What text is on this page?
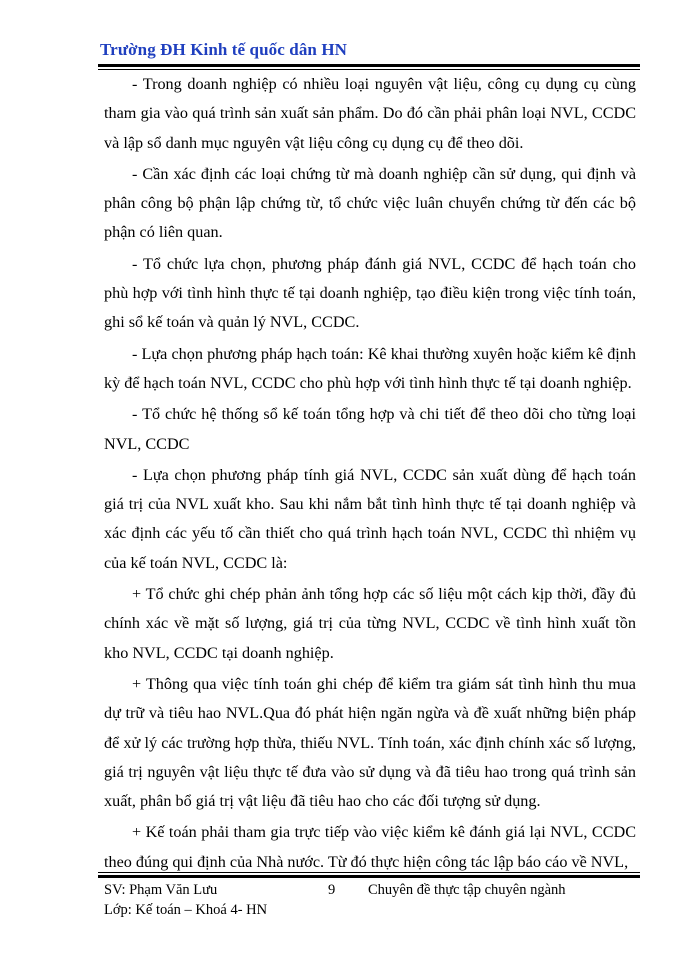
Trường ĐH Kinh tế quốc dân HN

- Trong doanh nghiệp có nhiều loại nguyên vật liệu, công cụ dụng cụ cùng tham gia vào quá trình sản xuất sản phẩm. Do đó cần phải phân loại NVL, CCDC và lập sổ danh mục nguyên vật liệu công cụ dụng cụ để theo dõi.

- Cần xác định các loại chứng từ mà doanh nghiệp cần sử dụng, qui định và phân công bộ phận lập chứng từ, tổ chức việc luân chuyển chứng từ đến các bộ phận có liên quan.

- Tổ chức lựa chọn, phương pháp đánh giá NVL, CCDC để hạch toán cho phù hợp với tình hình thực tế tại doanh nghiệp, tạo điều kiện trong việc tính toán, ghi sổ kế toán và quản lý NVL, CCDC.

- Lựa chọn phương pháp hạch toán: Kê khai thường xuyên hoặc kiểm kê định kỳ để hạch toán NVL, CCDC cho phù hợp với tình hình thực tế tại doanh nghiệp.

- Tổ chức hệ thống sổ kế toán tổng hợp và chi tiết để theo dõi cho từng loại NVL, CCDC

- Lựa chọn phương pháp tính giá NVL, CCDC sản xuất dùng để hạch toán giá trị của NVL xuất kho. Sau khi nắm bắt tình hình thực tế tại doanh nghiệp và xác định các yếu tố cần thiết cho quá trình hạch toán NVL, CCDC thì nhiệm vụ của kế toán NVL, CCDC là:

+ Tổ chức ghi chép phản ảnh tổng hợp các số liệu một cách kịp thời, đầy đủ chính xác về mặt số lượng, giá trị của từng NVL, CCDC về tình hình xuất tồn kho NVL, CCDC tại doanh nghiệp.

+ Thông qua việc tính toán ghi chép để kiểm tra giám sát tình hình thu mua dự trữ và tiêu hao NVL.Qua đó phát hiện ngăn ngừa và đề xuất những biện pháp để xử lý các trường hợp thừa, thiếu NVL. Tính toán, xác định chính xác số lượng, giá trị nguyên vật liệu thực tế đưa vào sử dụng và đã tiêu hao trong quá trình sản xuất, phân bổ giá trị vật liệu đã tiêu hao cho các đối tượng sử dụng.

+ Kế toán phải tham gia trực tiếp vào việc kiểm kê đánh giá lại NVL, CCDC theo đúng qui định của Nhà nước. Từ đó thực hiện công tác lập báo cáo về NVL,

SV: Phạm Văn Lưu	9 Chuyên đề thực tập chuyên ngành
Lớp: Kế toán – Khoá 4- HN
